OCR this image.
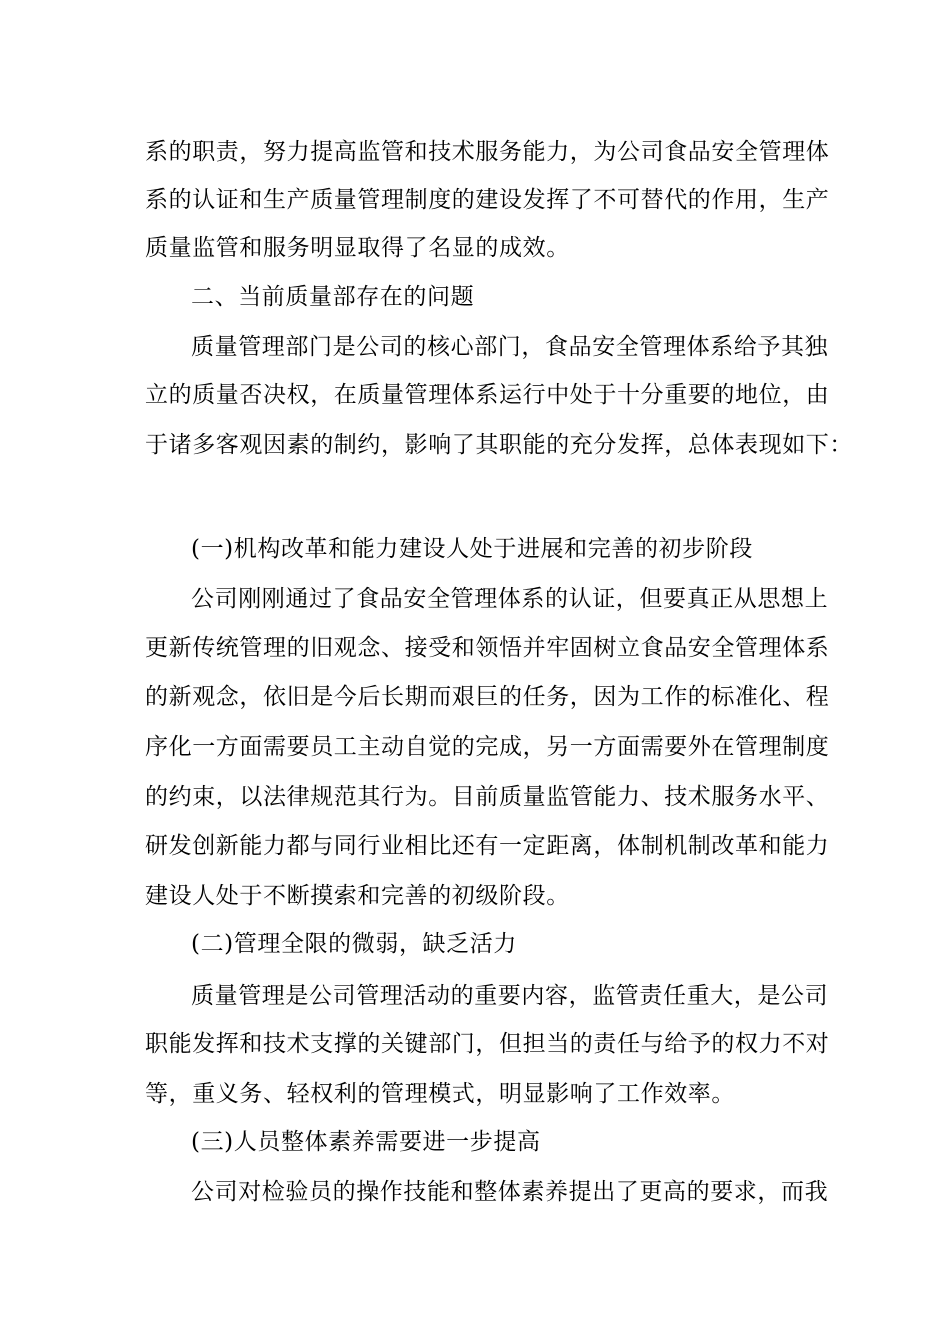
系的职责，努力提高监管和技术服务能力，为公司食品安全管理体
系的认证和生产质量管理制度的建设发挥了不可替代的作用，生产
质量监管和服务明显取得了名显的成效。
二、当前质量部存在的问题
质量管理部门是公司的核心部门，食品安全管理体系给予其独
立的质量否决权，在质量管理体系运行中处于十分重要的地位，由
于诸多客观因素的制约，影响了其职能的充分发挥，总体表现如下：
(一)机构改革和能力建设人处于进展和完善的初步阶段
公司刚刚通过了食品安全管理体系的认证，但要真正从思想上
更新传统管理的旧观念、接受和领悟并牢固树立食品安全管理体系
的新观念，依旧是今后长期而艰巨的任务，因为工作的标准化、程
序化一方面需要员工主动自觉的完成，另一方面需要外在管理制度
的约束，以法律规范其行为。目前质量监管能力、技术服务水平、
研发创新能力都与同行业相比还有一定距离，体制机制改革和能力
建设人处于不断摸索和完善的初级阶段。
(二)管理全限的微弱，缺乏活力
质量管理是公司管理活动的重要内容，监管责任重大，是公司
职能发挥和技术支撑的关键部门，但担当的责任与给予的权力不对
等，重义务、轻权利的管理模式，明显影响了工作效率。
(三)人员整体素养需要进一步提高
公司对检验员的操作技能和整体素养提出了更高的要求，而我
